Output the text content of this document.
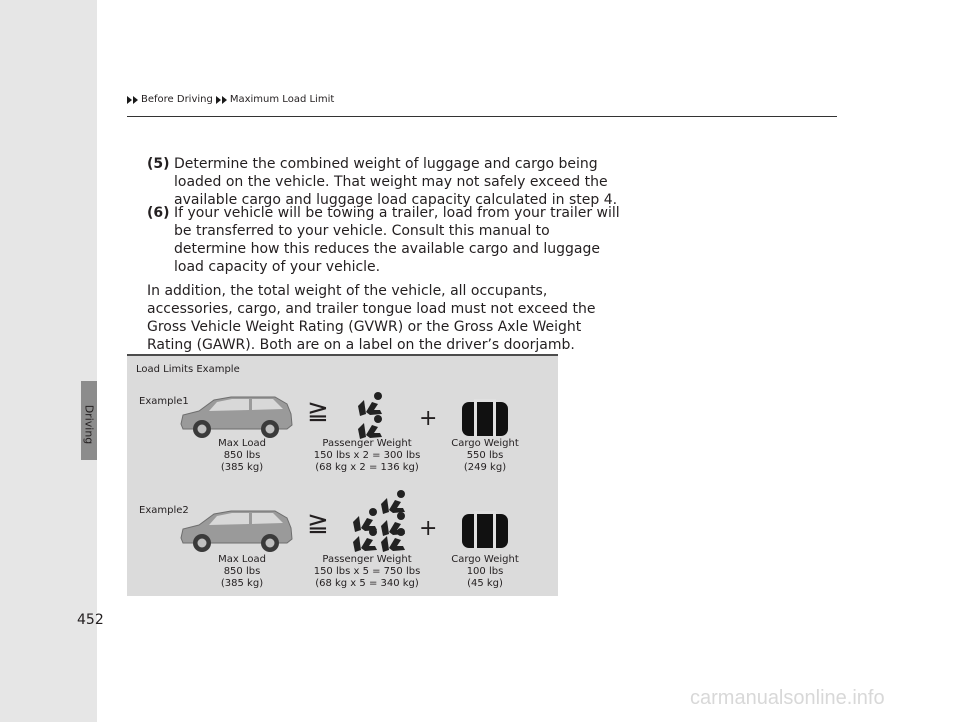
Driving
452
Before Driving Maximum Load Limit
(5) Determine the combined weight of luggage and cargo being
loaded on the vehicle. That weight may not safely exceed the
available cargo and luggage load capacity calculated in step 4.
(6) If your vehicle will be towing a trailer, load from your trailer will
be transferred to your vehicle. Consult this manual to
determine how this reduces the available cargo and luggage
load capacity of your vehicle.
In addition, the total weight of the vehicle, all occupants,
accessories, cargo, and trailer tongue load must not exceed the
Gross Vehicle Weight Rating (GVWR) or the Gross Axle Weight
Rating (GAWR). Both are on a label on the driver’s doorjamb.
Load Limits Example
Example1	≧	+
Max Load
850 lbs
(385 kg)
Passenger Weight
150 lbs x 2 = 300 lbs
(68 kg x 2 = 136 kg)
Cargo Weight
550 lbs
(249 kg)
Example2	≧	+
Max Load
850 lbs
(385 kg)
Passenger Weight
150 lbs x 5 = 750 lbs
(68 kg x 5 = 340 kg)
Cargo Weight
100 lbs
(45 kg)
carmanualsonline.info
